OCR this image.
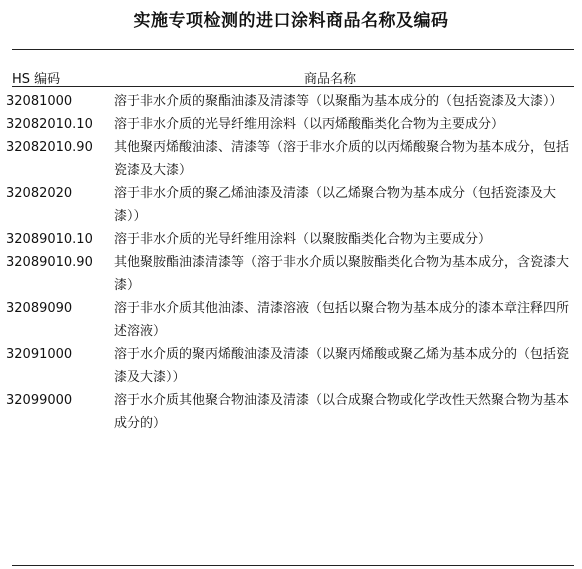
实施专项检测的进口涂料商品名称及编码
HS 编码	商品名称
32081000	溶于非水介质的聚酯油漆及清漆等（以聚酯为基本成分的（包括瓷漆及大漆））
32082010.10 溶于非水介质的光导纤维用涂料（以丙烯酸酯类化合物为主要成分）
32082010.90 其他聚丙烯酸油漆、清漆等（溶于非水介质的以丙烯酸聚合物为基本成分，包括瓷漆及大漆）
32082020	溶于非水介质的聚乙烯油漆及清漆（以乙烯聚合物为基本成分（包括瓷漆及大漆））
32089010.10 溶于非水介质的光导纤维用涂料（以聚胺酯类化合物为主要成分）
32089010.90 其他聚胺酯油漆清漆等（溶于非水介质以聚胺酯类化合物为基本成分，含瓷漆大漆）
32089090	溶于非水介质其他油漆、清漆溶液（包括以聚合物为基本成分的漆本章注释四所述溶液）
32091000	溶于水介质的聚丙烯酸油漆及清漆（以聚丙烯酸或聚乙烯为基本成分的（包括瓷漆及大漆））
32099000	溶于水介质其他聚合物油漆及清漆（以合成聚合物或化学改性天然聚合物为基本成分的）
